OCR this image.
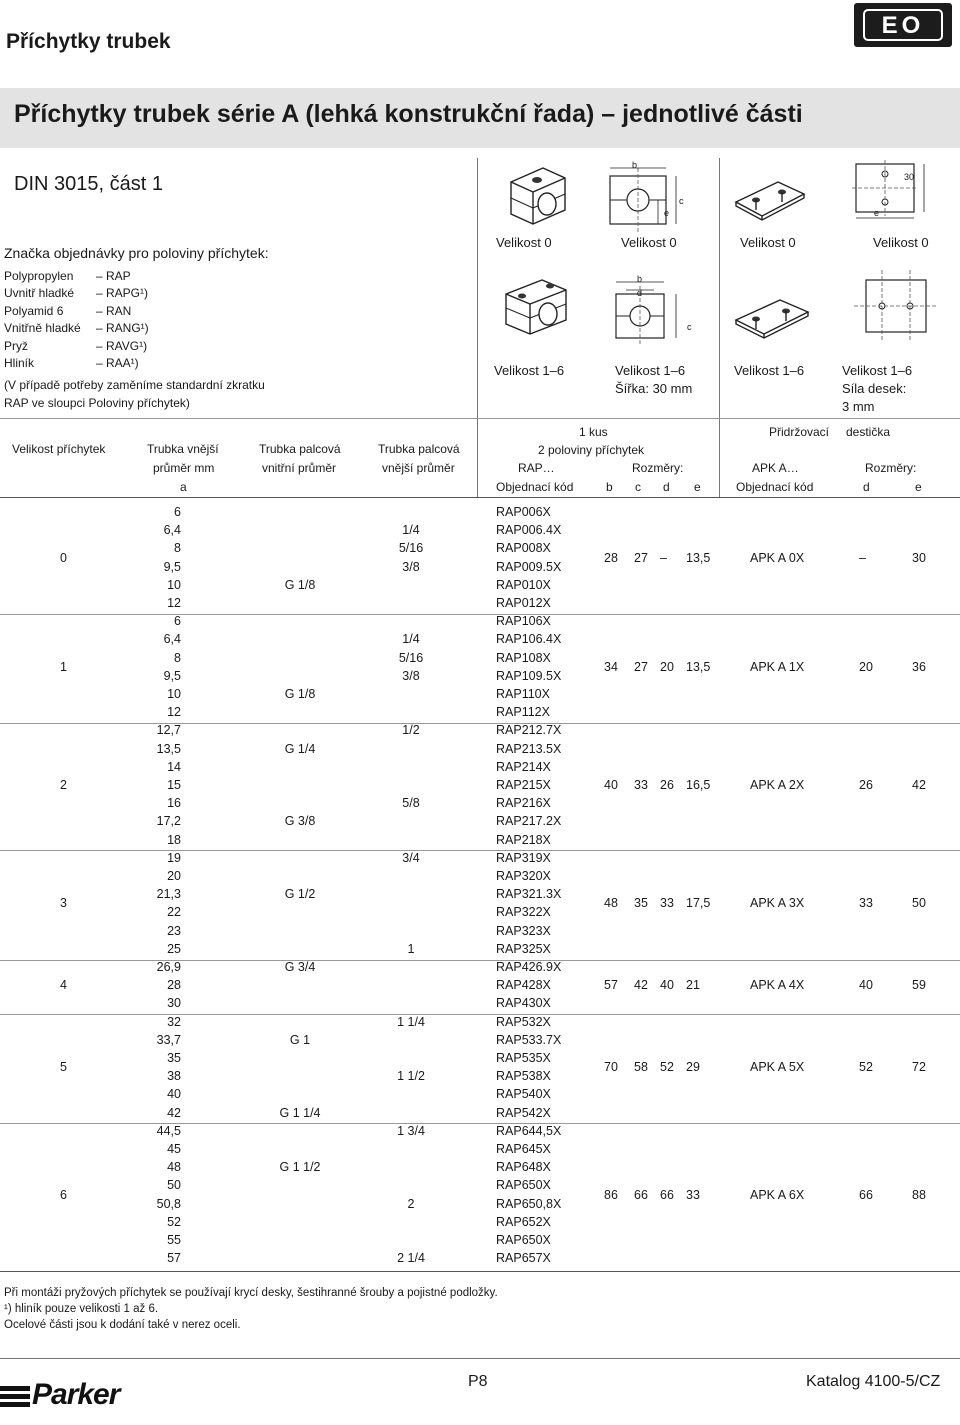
Příchytky trubek
EO
®
Příchytky trubek série A (lehká konstrukční řada) – jednotlivé části
DIN 3015, část 1
Značka objednávky pro poloviny příchytek:
Polypropylen – RAP
Uvnitř hladké – RAPG¹)
Polyamid 6	– RAN
Vnitřně hladké – RANG¹)
Pryž	– RAVG¹)
Hliník	– RAA¹)
(V případě potřeby zaměníme standardní zkratku
RAP ve sloupci Poloviny příchytek)
b
c
e
30
e
Velikost 0	Velikost 0	Velikost 0	Velikost 0
b
d
c
Velikost 1–6	Velikost 1–6
Šířka: 30 mm
Velikost 1–6	Velikost 1–6
Síla desek:
3 mm
Velikost příchytek	Trubka vnější
průměr mm
a
Trubka palcová
vnitřní průměr
Trubka palcová
vnější průměr
1 kus
2 poloviny příchytek
RAP…	Rozměry:
Objednací kód	b c d e
Přidržovací destička
APK A…	Rozměry:
Objednací kód	d	e
6	RAP006X
6,4	1/4	RAP006.4X
8	5/16	RAP008X
9,5	3/8	RAP009.5X
10	G 1/8	RAP010X
12	RAP012X
0	28 27 – 13,5	APK A 0X	–	30
6	RAP106X
6,4	1/4	RAP106.4X
8	5/16	RAP108X
9,5	3/8	RAP109.5X
10	G 1/8	RAP110X
12	RAP112X
1	34 27 20 13,5	APK A 1X	20	36
12,7	1/2	RAP212.7X
13,5	G 1/4	RAP213.5X
14	RAP214X
15	RAP215X
16	5/8	RAP216X
17,2	G 3/8	RAP217.2X
18	RAP218X
2	40 33 26 16,5	APK A 2X	26	42
19	3/4	RAP319X
20	RAP320X
21,3	G 1/2	RAP321.3X
22	RAP322X
23	RAP323X
25	1	RAP325X
3	48 35 33 17,5	APK A 3X	33	50
26,9	G 3/4	RAP426.9X
28	RAP428X
30	RAP430X
4	57 42 40 21	APK A 4X	40	59
32	1 1/4	RAP532X
33,7	G 1	RAP533.7X
35	RAP535X
38	1 1/2	RAP538X
40	RAP540X
42	G 1 1/4	RAP542X
5	70 58 52 29	APK A 5X	52	72
44,5	1 3/4	RAP644,5X
45	RAP645X
48	G 1 1/2	RAP648X
50	RAP650X
50,8	2	RAP650,8X
52	RAP652X
55	RAP650X
57	2 1/4	RAP657X
6	86 66 66 33	APK A 6X	66	88
Při montáži pryžových příchytek se používají krycí desky, šestihranné šrouby a pojistné podložky.
¹) hliník pouze velikosti 1 až 6.
Ocelové části jsou k dodání také v nerez oceli.
Parker	P8	Katalog 4100-5/CZ
